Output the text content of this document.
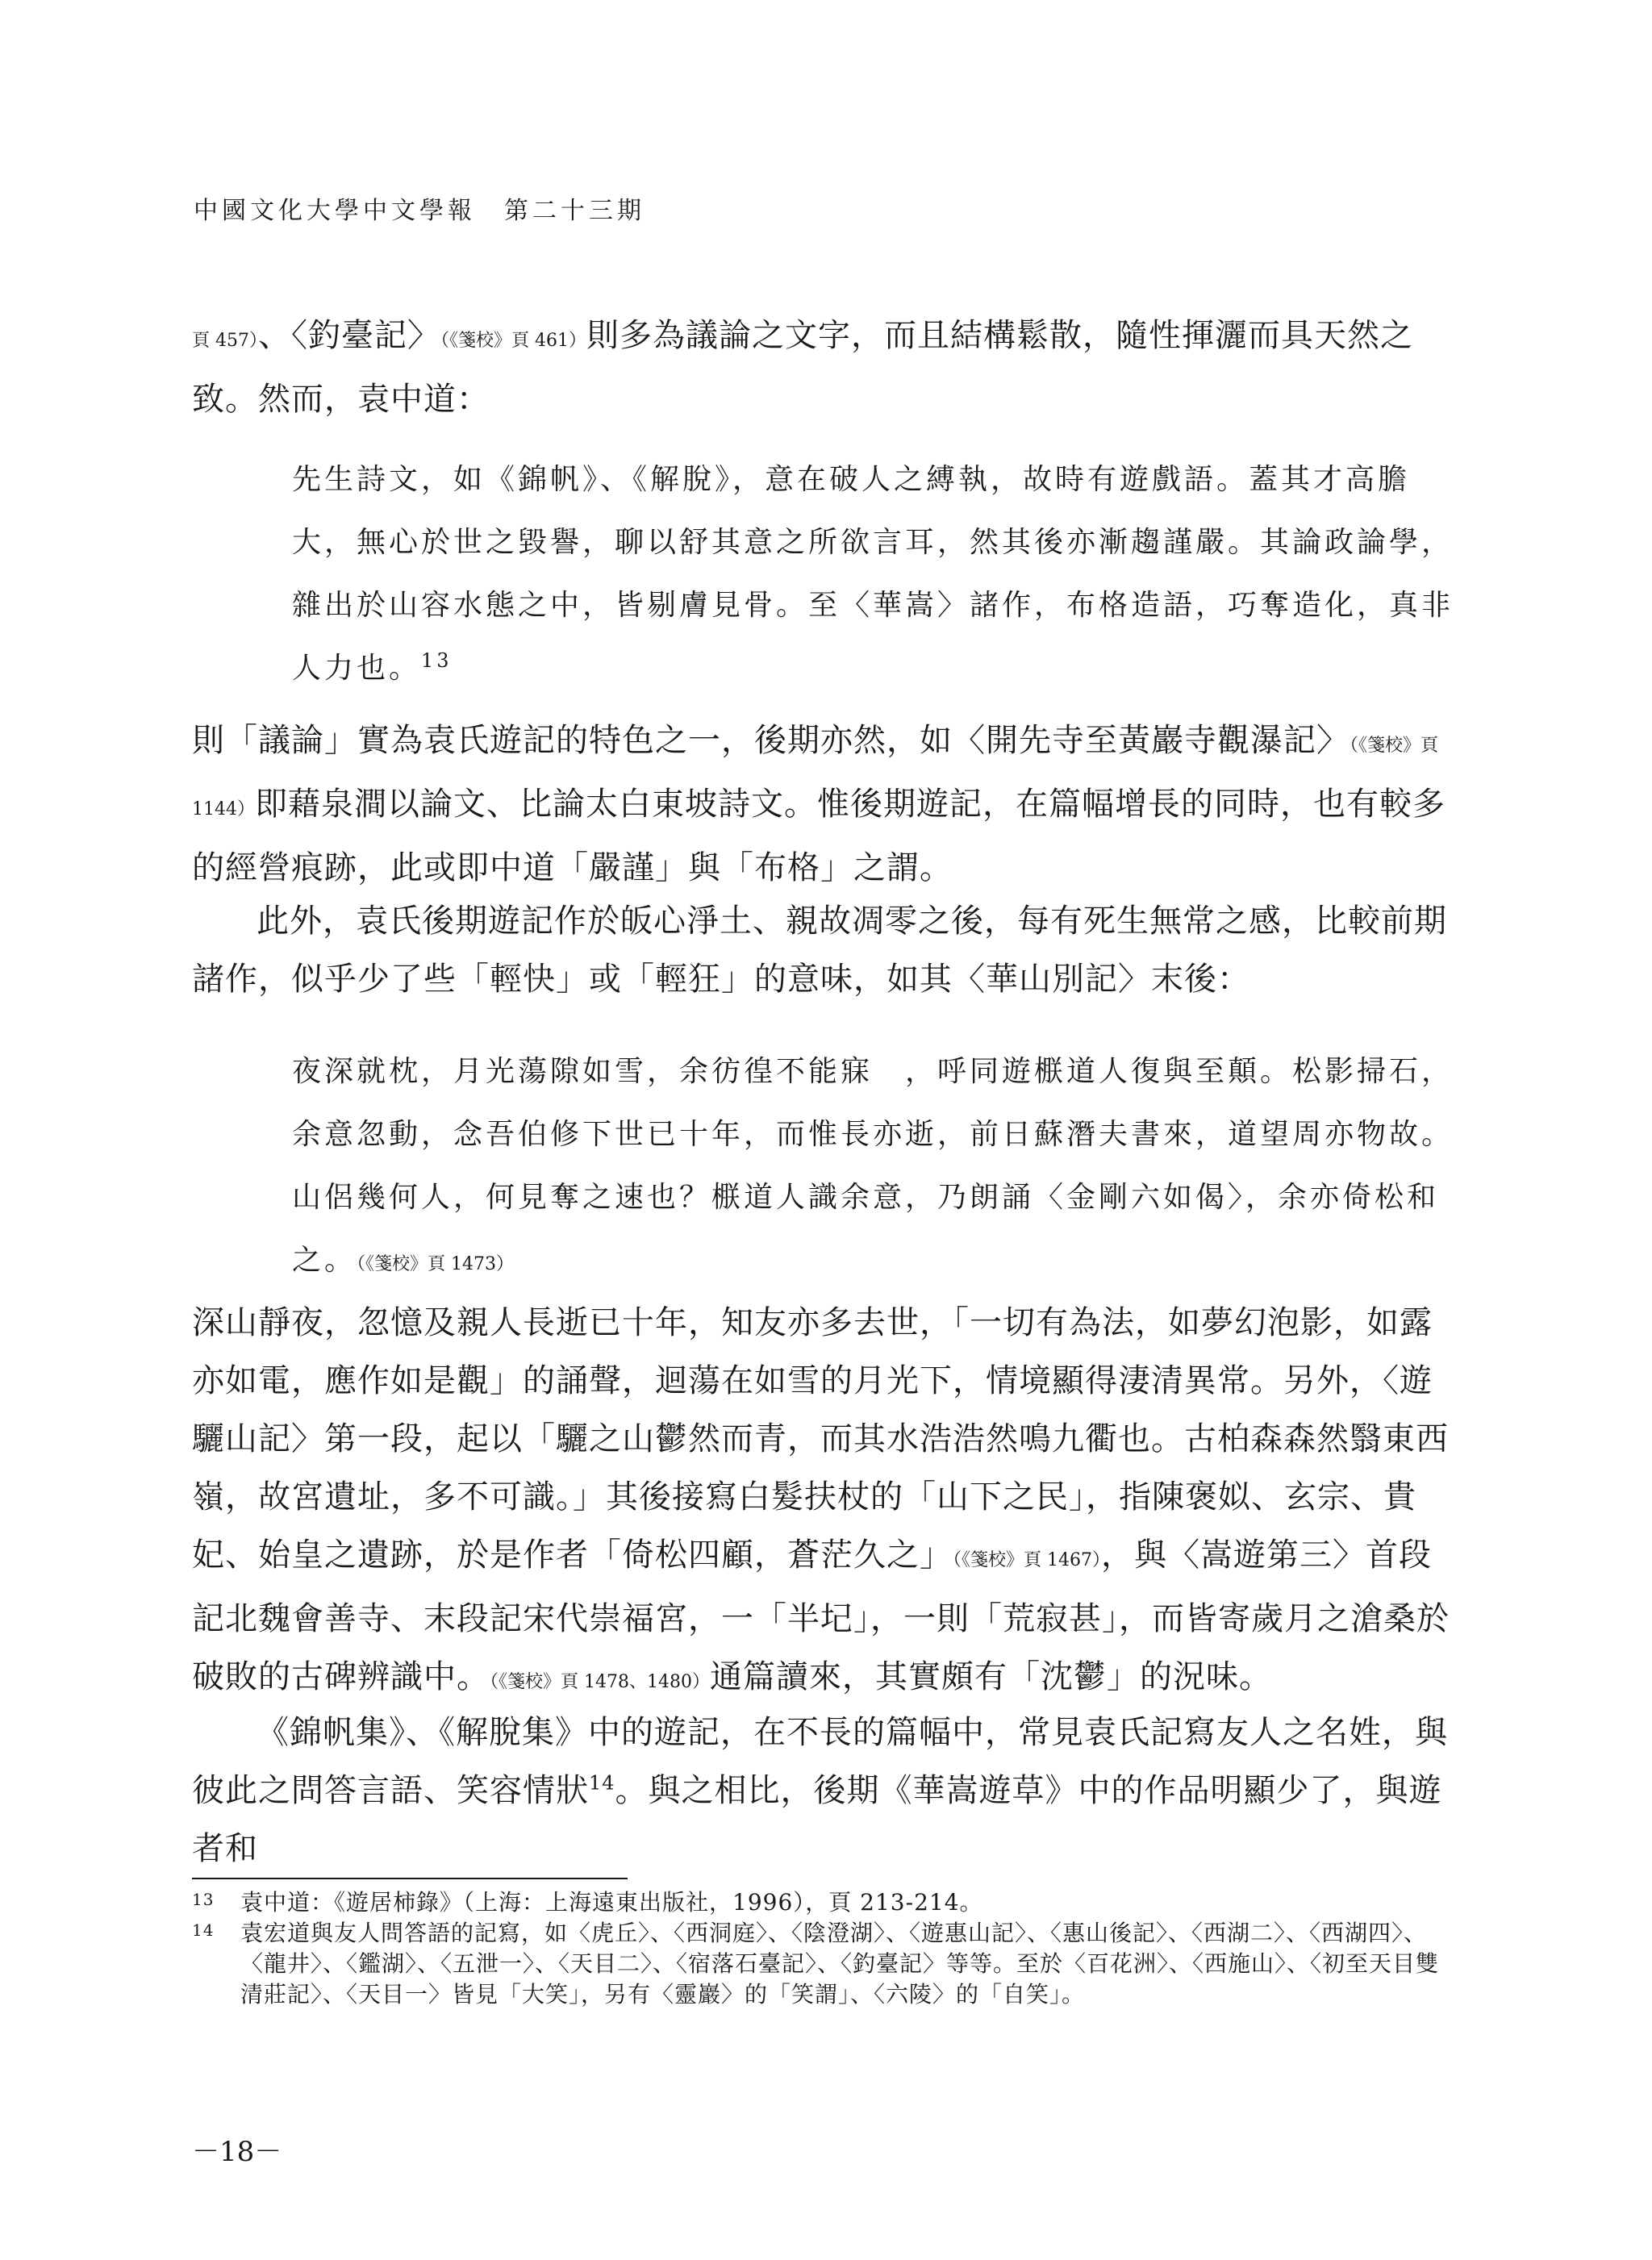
中國文化大學中文學報　第二十三期
頁 457）、〈釣臺記〉（《箋校》頁 461）則多為議論之文字，而且結構鬆散，隨性揮灑而具天然之致。然而，袁中道：
先生詩文，如《錦帆》、《解脫》，意在破人之縛執，故時有遊戲語。蓋其才高膽大，無心於世之毀譽，聊以舒其意之所欲言耳，然其後亦漸趨謹嚴。其論政論學，雜出於山容水態之中，皆剔膚見骨。至〈華嵩〉諸作，布格造語，巧奪造化，真非人力也。$^{13}$
則「議論」實為袁氏遊記的特色之一，後期亦然，如〈開先寺至黃巖寺觀瀑記〉（《箋校》頁 1144）即藉泉澗以論文、比論太白東坡詩文。惟後期遊記，在篇幅增長的同時，也有較多的經營痕跡，此或即中道「嚴謹」與「布格」之謂。
此外，袁氏後期遊記作於皈心淨土、親故凋零之後，每有死生無常之感，比較前期諸作，似乎少了些「輕快」或「輕狂」的意味，如其〈華山別記〉末後：
夜深就枕，月光蕩隙如雪，余彷徨不能寐　，呼同遊㮳道人復與至顛。松影掃石，余意忽動，念吾伯修下世已十年，而惟長亦逝，前日蘇潛夫書來，道望周亦物故。山侶幾何人，何見奪之速也？㮳道人識余意，乃朗誦〈金剛六如偈〉，余亦倚松和之。（《箋校》頁 1473）
深山靜夜，忽憶及親人長逝已十年，知友亦多去世，「一切有為法，如夢幻泡影，如露亦如電，應作如是觀」的誦聲，迴蕩在如雪的月光下，情境顯得淒清異常。另外，〈遊驪山記〉第一段，起以「驪之山鬱然而青，而其水浩浩然鳴九衢也。古柏森森然翳東西嶺，故宮遺址，多不可識。」其後接寫白髮扶杖的「山下之民」，指陳褒姒、玄宗、貴妃、始皇之遺跡，於是作者「倚松四顧，蒼茫久之」（《箋校》頁 1467），與〈嵩遊第三〉首段記北魏會善寺、末段記宋代崇福宮，一「半圮」，一則「荒寂甚」，而皆寄歲月之滄桑於破敗的古碑辨識中。（《箋校》頁 1478、1480）通篇讀來，其實頗有「沈鬱」的況味。
《錦帆集》、《解脫集》中的遊記，在不長的篇幅中，常見袁氏記寫友人之名姓，與彼此之問答言語、笑容情狀$^{14}$。與之相比，後期《華嵩遊草》中的作品明顯少了，與遊者和
13 袁中道：《遊居柿錄》（上海：上海遠東出版社，1996），頁 213-214。
14 袁宏道與友人問答語的記寫，如〈虎丘〉、〈西洞庭〉、〈陰澄湖〉、〈遊惠山記〉、〈惠山後記〉、〈西湖二〉、〈西湖四〉、〈龍井〉、〈鑑湖〉、〈五泄一〉、〈天目二〉、〈宿落石臺記〉、〈釣臺記〉等等。至於〈百花洲〉、〈西施山〉、〈初至天目雙清莊記〉、〈天目一〉皆見「大笑」，另有〈靈巖〉的「笑謂」、〈六陵〉的「自笑」。
－18－
